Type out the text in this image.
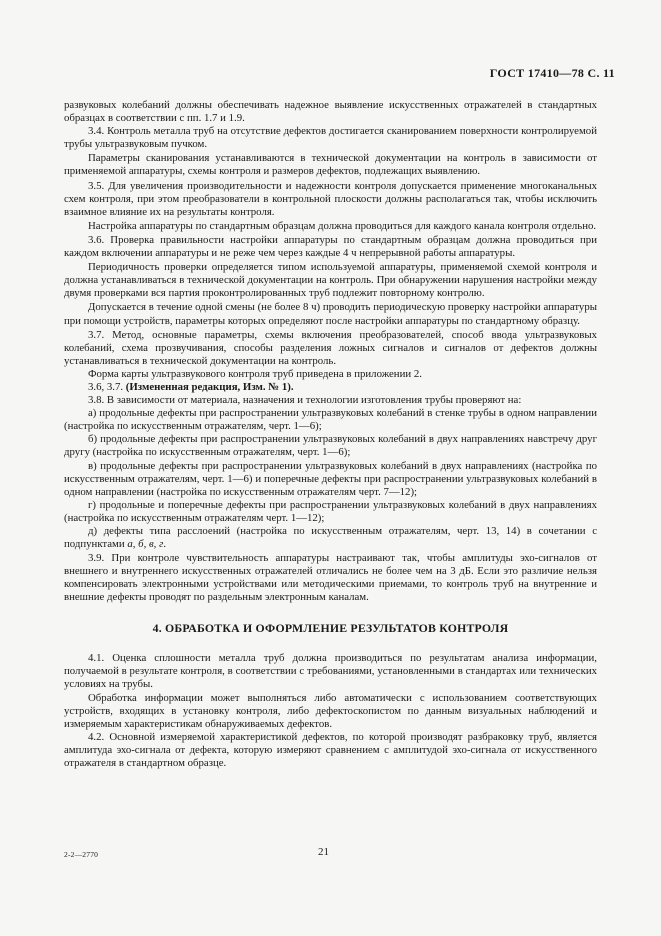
ГОСТ 17410—78 С. 11

развуковых колебаний должны обеспечивать надежное выявление искусственных отражателей в стандартных образцах в соответствии с пп. 1.7 и 1.9.

3.4. Контроль металла труб на отсутствие дефектов достигается сканированием поверхности контролируемой трубы ультразвуковым пучком.

Параметры сканирования устанавливаются в технической документации на контроль в зависимости от применяемой аппаратуры, схемы контроля и размеров дефектов, подлежащих выявлению.

3.5. Для увеличения производительности и надежности контроля допускается применение многоканальных схем контроля, при этом преобразователи в контрольной плоскости должны располагаться так, чтобы исключить взаимное влияние их на результаты контроля.

Настройка аппаратуры по стандартным образцам должна проводиться для каждого канала контроля отдельно.

3.6. Проверка правильности настройки аппаратуры по стандартным образцам должна проводиться при каждом включении аппаратуры и не реже чем через каждые 4 ч непрерывной работы аппаратуры.

Периодичность проверки определяется типом используемой аппаратуры, применяемой схемой контроля и должна устанавливаться в технической документации на контроль. При обнаружении нарушения настройки между двумя проверками вся партия проконтролированных труб подлежит повторному контролю.

Допускается в течение одной смены (не более 8 ч) проводить периодическую проверку настройки аппаратуры при помощи устройств, параметры которых определяют после настройки аппаратуры по стандартному образцу.

3.7. Метод, основные параметры, схемы включения преобразователей, способ ввода ультразвуковых колебаний, схема прозвучивания, способы разделения ложных сигналов и сигналов от дефектов должны устанавливаться в технической документации на контроль.

Форма карты ультразвукового контроля труб приведена в приложении 2.

3.6, 3.7. (Измененная редакция, Изм. № 1).

3.8. В зависимости от материала, назначения и технологии изготовления трубы проверяют на:

а) продольные дефекты при распространении ультразвуковых колебаний в стенке трубы в одном направлении (настройка по искусственным отражателям, черт. 1—6);

б) продольные дефекты при распространении ультразвуковых колебаний в двух направлениях навстречу друг другу (настройка по искусственным отражателям, черт. 1—6);

в) продольные дефекты при распространении ультразвуковых колебаний в двух направлениях (настройка по искусственным отражателям, черт. 1—6) и поперечные дефекты при распространении ультразвуковых колебаний в одном направлении (настройка по искусственным отражателям черт. 7—12);

г) продольные и поперечные дефекты при распространении ультразвуковых колебаний в двух направлениях (настройка по искусственным отражателям черт. 1—12);

д) дефекты типа расслоений (настройка по искусственным отражателям, черт. 13, 14) в сочетании с подпунктами а, б, в, г.

3.9. При контроле чувствительность аппаратуры настраивают так, чтобы амплитуды эхо-сигналов от внешнего и внутреннего искусственных отражателей отличались не более чем на 3 дБ. Если это различие нельзя компенсировать электронными устройствами или методическими приемами, то контроль труб на внутренние и внешние дефекты проводят по раздельным электронным каналам.

4. ОБРАБОТКА И ОФОРМЛЕНИЕ РЕЗУЛЬТАТОВ КОНТРОЛЯ

4.1. Оценка сплошности металла труб должна производиться по результатам анализа информации, получаемой в результате контроля, в соответствии с требованиями, установленными в стандартах или технических условиях на трубы.

Обработка информации может выполняться либо автоматически с использованием соответствующих устройств, входящих в установку контроля, либо дефектоскопистом по данным визуальных наблюдений и измеряемым характеристикам обнаруживаемых дефектов.

4.2. Основной измеряемой характеристикой дефектов, по которой производят разбраковку труб, является амплитуда эхо-сигнала от дефекта, которую измеряют сравнением с амплитудой эхо-сигнала от искусственного отражателя в стандартном образце.

2-2—2770	21
